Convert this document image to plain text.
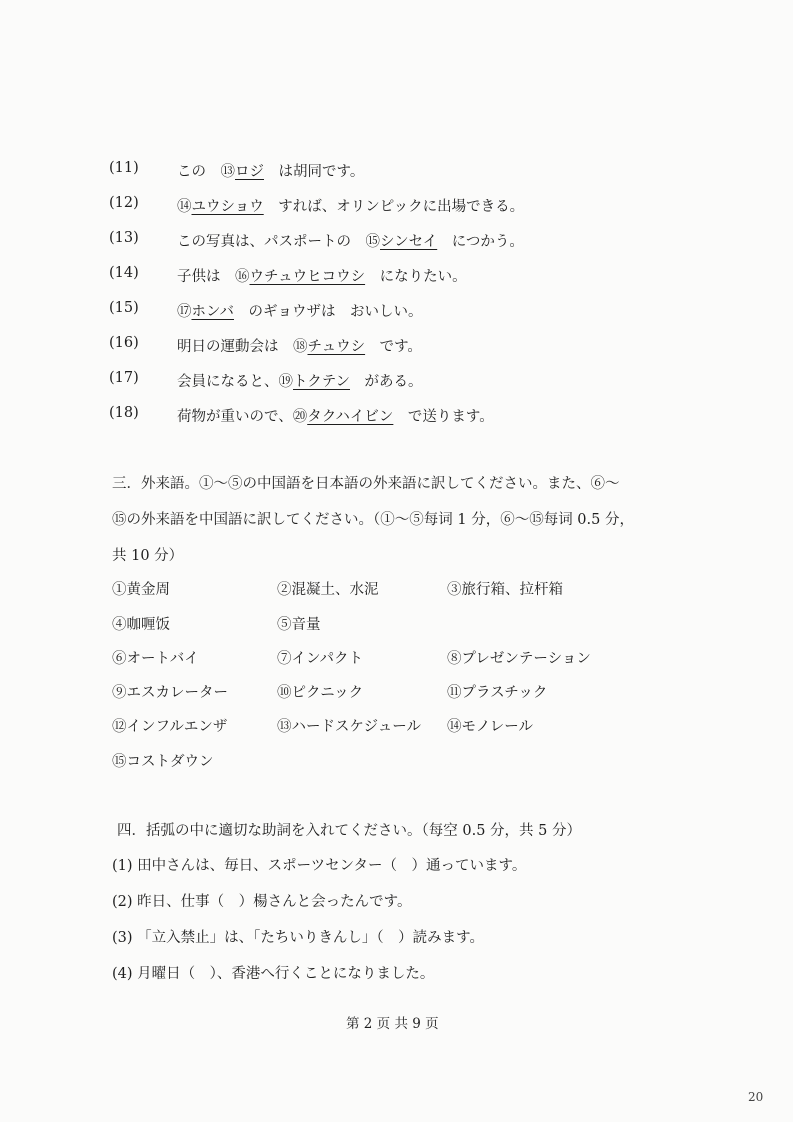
(11)	この　⑬ロジ　は胡同です。
(12)	⑭ユウショウ　すれば、オリンピックに出場できる。
(13)	この写真は、パスポートの　⑮シンセイ　につかう。
(14)	子供は　⑯ウチュウヒコウシ　になりたい。
(15)	⑰ホンバ　のギョウザは　おいしい。
(16)	明日の運動会は　⑱チュウシ　です。
(17)	会員になると、⑲トクテン　がある。
(18)	荷物が重いので、⑳タクハイビン　で送ります。
三．外来語。①～⑤の中国語を日本語の外来語に訳してください。また、⑥～
⑮の外来語を中国語に訳してください。（①～⑤每词 1 分，⑥～⑮每词 0.5 分，
共 10 分）
①黄金周	②混凝土、水泥	③旅行箱、拉杆箱
④咖喱饭	⑤音量
⑥オートバイ	⑦インパクト	⑧プレゼンテーション
⑨エスカレーター	⑩ピクニック	⑪プラスチック
⑫インフルエンザ	⑬ハードスケジュール ⑭モノレール
⑮コストダウン
四．括弧の中に適切な助詞を入れてください。（每空 0.5 分，共 5 分）
(1) 田中さんは、毎日、スポーツセンター（　）通っています。
(2) 昨日、仕事（　）楊さんと会ったんです。
(3) 「立入禁止」は、「たちいりきんし」（　）読みます。
(4) 月曜日（　）、香港へ行くことになりました。
第 2 页 共 9 页
20
